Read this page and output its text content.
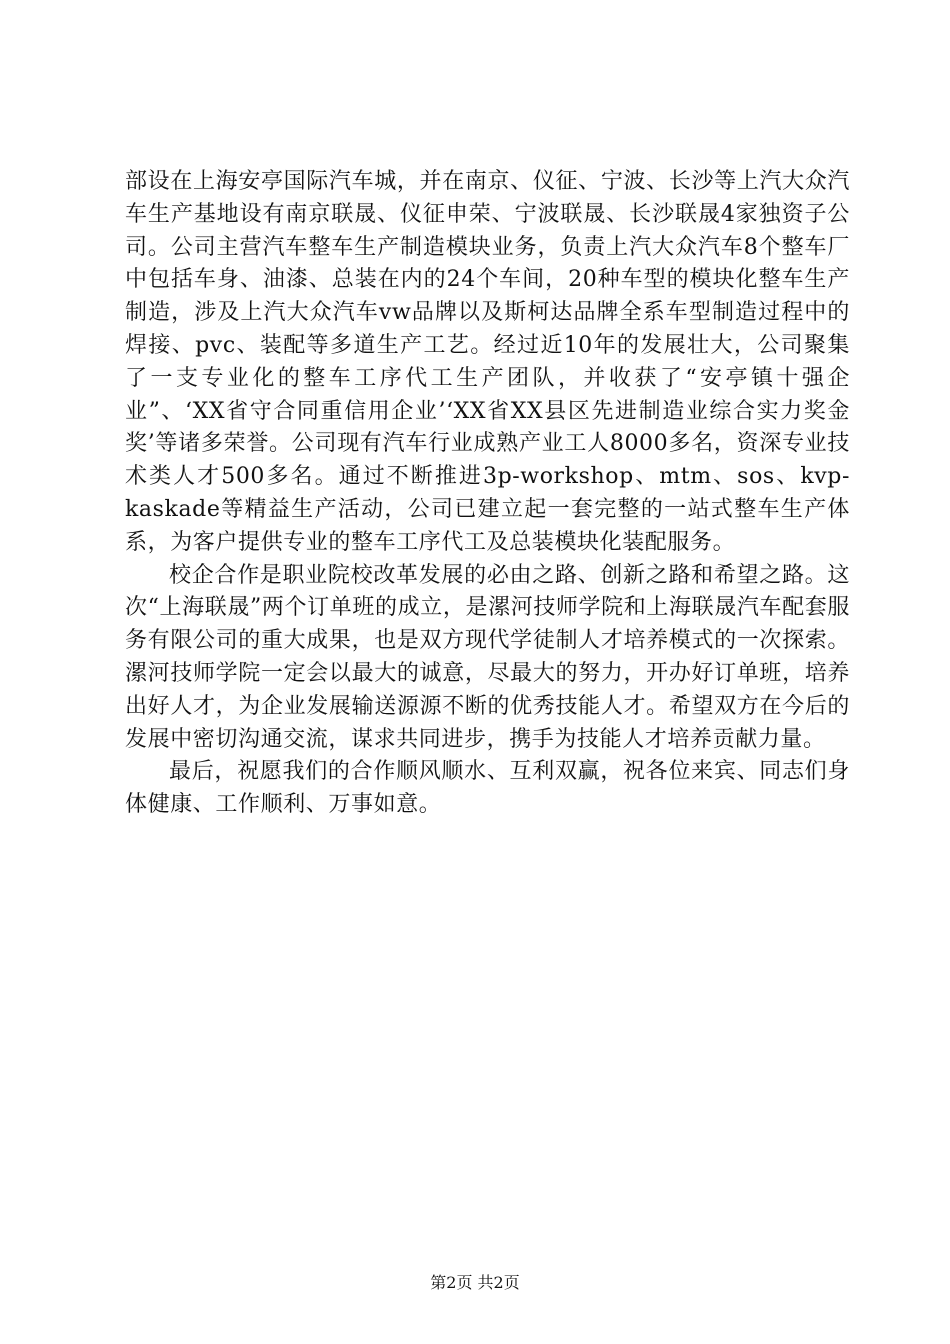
部设在上海安亭国际汽车城，并在南京、仪征、宁波、长沙等上汽大众汽车生产基地设有南京联晟、仪征申荣、宁波联晟、长沙联晟4家独资子公司。公司主营汽车整车生产制造模块业务，负责上汽大众汽车8个整车厂中包括车身、油漆、总装在内的24个车间，20种车型的模块化整车生产制造，涉及上汽大众汽车vw品牌以及斯柯达品牌全系车型制造过程中的焊接、pvc、装配等多道生产工艺。经过近10年的发展壮大，公司聚集了一支专业化的整车工序代工生产团队，并收获了“安亭镇十强企业”、‘XX省守合同重信用企业’‘XX省XX县区先进制造业综合实力奖金奖’等诸多荣誉。公司现有汽车行业成熟产业工人8000多名，资深专业技术类人才500多名。通过不断推进3p-workshop、mtm、sos、kvp-kaskade等精益生产活动，公司已建立起一套完整的一站式整车生产体系，为客户提供专业的整车工序代工及总装模块化装配服务。

校企合作是职业院校改革发展的必由之路、创新之路和希望之路。这次“上海联晟”两个订单班的成立，是漯河技师学院和上海联晟汽车配套服务有限公司的重大成果，也是双方现代学徒制人才培养模式的一次探索。漯河技师学院一定会以最大的诚意，尽最大的努力，开办好订单班，培养出好人才，为企业发展输送源源不断的优秀技能人才。希望双方在今后的发展中密切沟通交流，谋求共同进步，携手为技能人才培养贡献力量。

最后，祝愿我们的合作顺风顺水、互利双赢，祝各位来宾、同志们身体健康、工作顺利、万事如意。

第2页 共2页
